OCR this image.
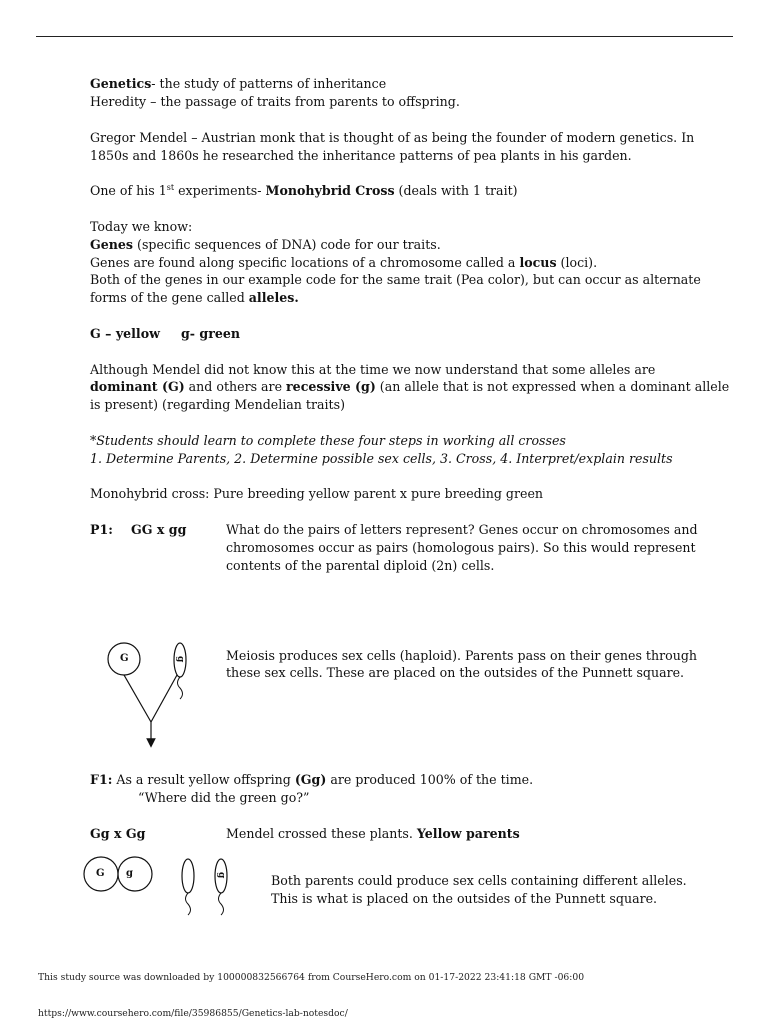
Genetics- the study of patterns of inheritance
Heredity – the passage of traits from parents to offspring.
Gregor Mendel – Austrian monk that is thought of as being the founder of modern genetics. In
1850s and 1860s he researched the inheritance patterns of pea plants in his garden.
One of his 1st experiments- Monohybrid Cross (deals with 1 trait)
Today we know:
Genes (specific sequences of DNA) code for our traits.
Genes are found along specific locations of a chromosome called a locus (loci).
Both of the genes in our example code for the same trait (Pea color), but can occur as alternate
forms of the gene called alleles.
G – yellow g- green
Although Mendel did not know this at the time we now understand that some alleles are
dominant (G) and others are recessive (g) (an allele that is not expressed when a dominant allele
is present) (regarding Mendelian traits)
*Students should learn to complete these four steps in working all crosses
1. Determine Parents, 2. Determine possible sex cells, 3. Cross, 4. Interpret/explain results
Monohybrid cross: Pure breeding yellow parent x pure breeding green
P1: GG x gg	What do the pairs of letters represent? Genes occur on chromosomes and
chromosomes occur as pairs (homologous pairs). So this would represent
contents of the parental diploid (2n) cells.
G	g
G g	g
Meiosis produces sex cells (haploid). Parents pass on their genes through
these sex cells. These are placed on the outsides of the Punnett square.
F1: As a result yellow offspring (Gg) are produced 100% of the time.
“Where did the green go?”
Gg x Gg	Mendel crossed these plants. Yellow parents
Both parents could produce sex cells containing different alleles.
This is what is placed on the outsides of the Punnett square.
This study source was downloaded by 100000832566764 from CourseHero.com on 01-17-2022 23:41:18 GMT -06:00
https://www.coursehero.com/file/35986855/Genetics-lab-notesdoc/
